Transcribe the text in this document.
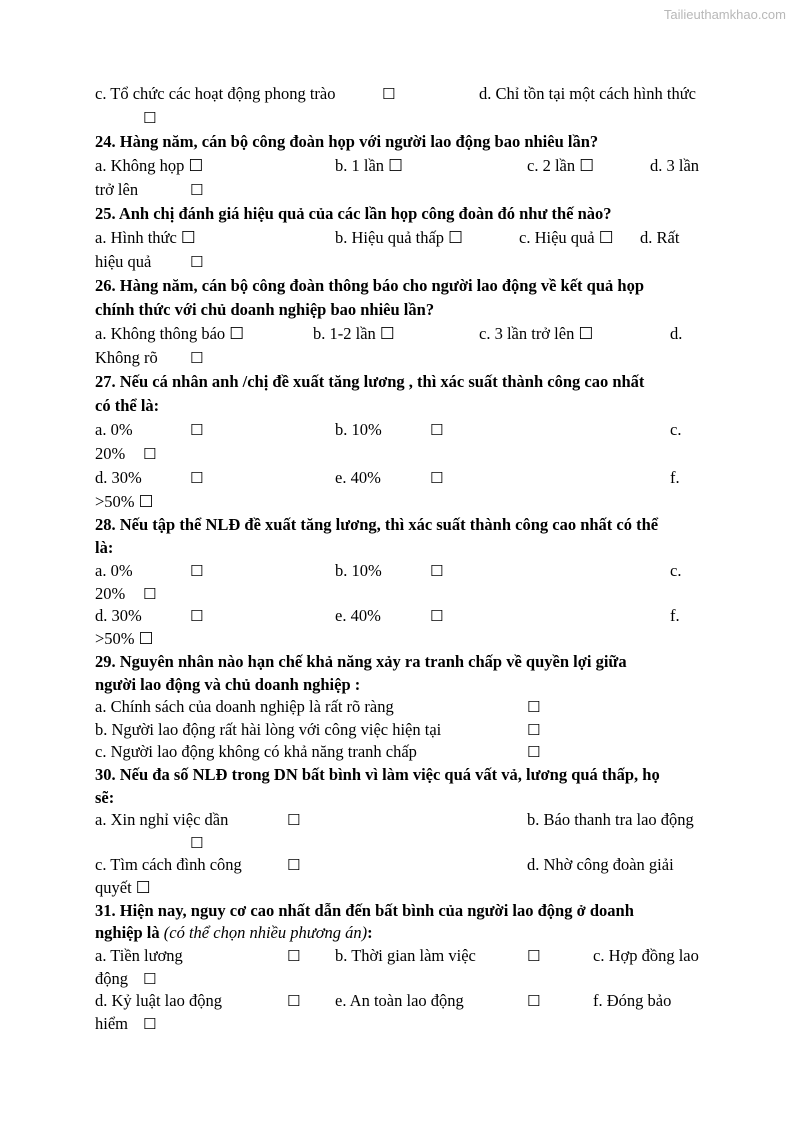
Tailieuthamkhao.com
c. Tổ chức các hoạt động phong trào	☐	d. Chỉ tồn tại một cách hình thức
☐
24. Hàng năm, cán bộ công đoàn họp với người lao động bao nhiêu lần?
a. Không họp ☐	b. 1 lần ☐	c. 2 lần ☐	d. 3 lần
trở lên	☐
25. Anh chị đánh giá hiệu quả của các lần họp công đoàn đó như thế nào?
a. Hình thức ☐	b. Hiệu quả thấp ☐	c. Hiệu quả ☐ d. Rất
hiệu quả	☐
26. Hàng năm, cán bộ công đoàn thông báo cho người lao động về kết quả họp
chính thức với chủ doanh nghiệp bao nhiêu lần?
a. Không thông báo ☐	b. 1-2 lần ☐	c. 3 lần trở lên ☐	d.
Không rõ ☐
27. Nếu cá nhân anh /chị đề xuất tăng lương , thì xác suất thành công cao nhất
có thể là:
a. 0%	☐	b. 10%	☐	c.
20% ☐
d. 30%	☐	e. 40%	☐	f.
>50% ☐
28. Nếu tập thể NLĐ đề xuất tăng lương, thì xác suất thành công cao nhất có thể
là:
a. 0%	☐	b. 10%	☐	c.
20% ☐
d. 30%	☐	e. 40%	☐	f.
>50% ☐
29. Nguyên nhân nào hạn chế khả năng xảy ra tranh chấp về quyền lợi giữa
người lao động và chủ doanh nghiệp :
a. Chính sách của doanh nghiệp là rất rõ ràng	☐
b. Người lao động rất hài lòng với công việc hiện tại	☐
c. Người lao động không có khả năng tranh chấp	☐
30. Nếu đa số NLĐ trong DN bất bình vì làm việc quá vất vả, lương quá thấp, họ
sẽ:
a. Xin nghỉ việc dần	☐	b. Báo thanh tra lao động
☐
c. Tìm cách đình công	☐	d. Nhờ công đoàn giải
quyết ☐
31. Hiện nay, nguy cơ cao nhất dẫn đến bất bình của người lao động ở doanh
nghiệp là (có thể chọn nhiều phương án):
a. Tiền lương	☐ b. Thời gian làm việc	☐	c. Hợp đồng lao
động ☐
d. Kỷ luật lao động	☐ e. An toàn lao động	☐	f. Đóng bảo
hiểm ☐
